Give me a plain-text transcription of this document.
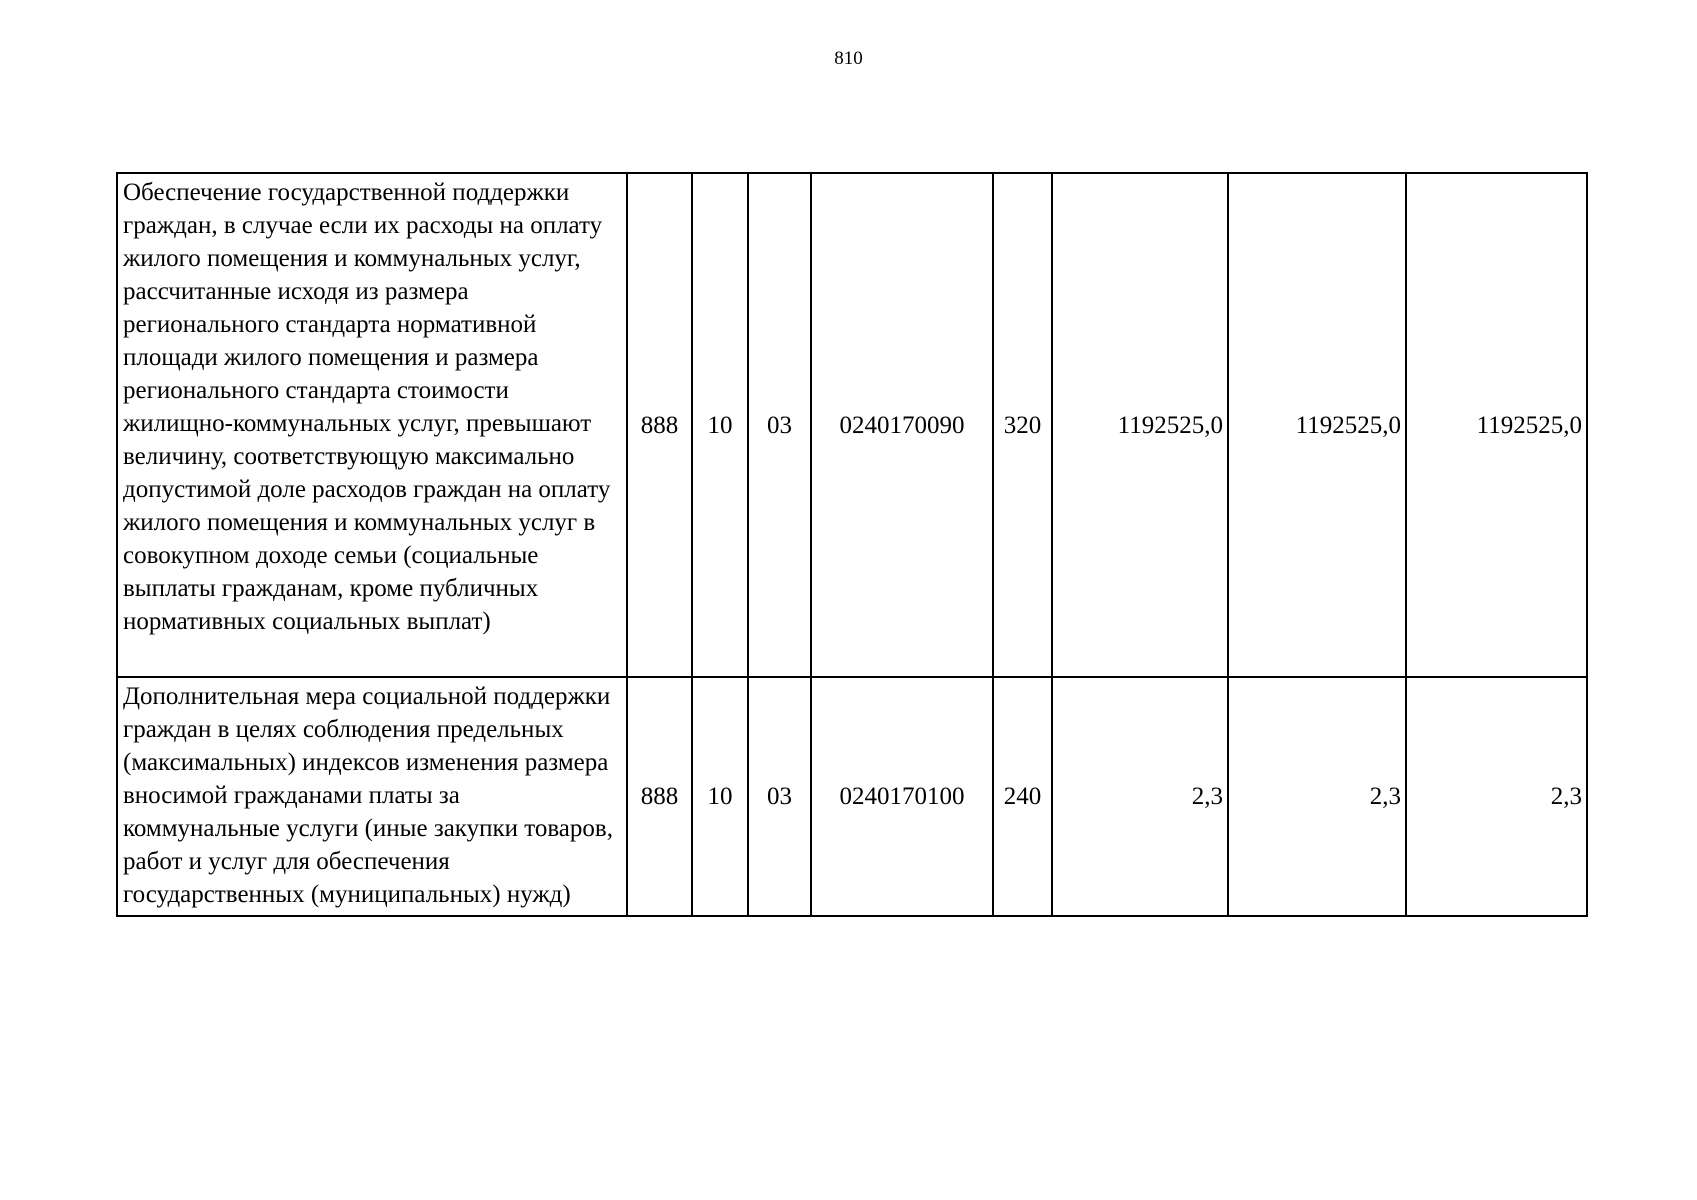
810
Обеспечение государственной поддержки граждан, в случае если их расходы на оплату жилого помещения и коммунальных услуг, рассчитанные исходя из размера регионального стандарта нормативной площади жилого помещения и размера регионального стандарта стоимости жилищно-коммунальных услуг, превышают величину, соответствующую максимально допустимой доле расходов граждан на оплату жилого помещения и коммунальных услуг в совокупном доходе семьи (социальные выплаты гражданам, кроме публичных нормативных социальных выплат)	888	10	03	0240170090	320	1192525,0	1192525,0	1192525,0
Дополнительная мера социальной поддержки граждан в целях соблюдения предельных (максимальных) индексов изменения размера вносимой гражданами платы за коммунальные услуги (иные закупки товаров, работ и услуг для обеспечения государственных (муниципальных) нужд)	888	10	03	0240170100	240	2,3	2,3	2,3
